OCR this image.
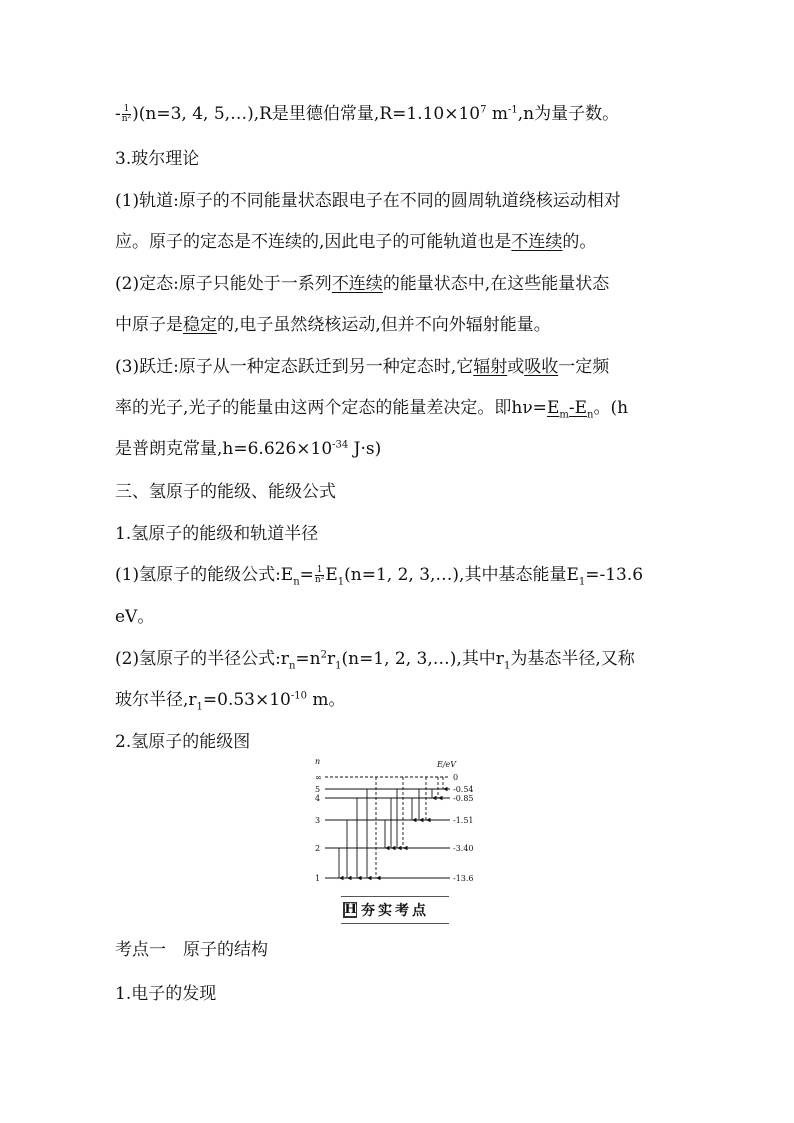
- $\frac{1}{\text{n²}} )(n=3$, 4, 5,…),R是里德伯常量$,R=1.10\times 10^7$ $m^{-1},n$为量子数。
3.玻尔理论
(1)轨道:原子的不同能量状态跟电子在不同的圆周轨道绕核运动相对
应。原子的定态是不连续的,因此电子的可能轨道也是不连续的。
(2)定态:原子只能处于一系列不连续的能量状态中,在这些能量状态
中原子是稳定的,电子虽然绕核运动,但并不向外辐射能量。
(3)跃迁:原子从一种定态跃迁到另一种定态时,它辐射或吸收一定频
率的光子,光子的能量由这两个定态的能量差决定。即$h\nu=E_m-E_n$。(h
是普朗克常量$,h=6.626\times 10^{-34}$ J·s)
三、氢原子的能级、能级公式
1.氢原子的能级和轨道半径
(1)氢原子的能级公式$:E_n= \frac{1}{\text{n²}} E_1(n=1$, 2, 3,…),其中基态能量$E_1=-13.6$
eV。
(2)氢原子的半径公式$:r_n=n^2r_1(n=1$, 2, 3,…),其中$r_1$为基态半径,又称
玻尔半径$,r_1=0.53\times 10^{-10}$ m。
2.氢原子的能级图
n	E/eV
∞	0
5	-0.54
4	-0.85
3	-1.51
2	-3.40
1	-13.6
H 夯实考点
考点一　原子的结构
1.电子的发现
